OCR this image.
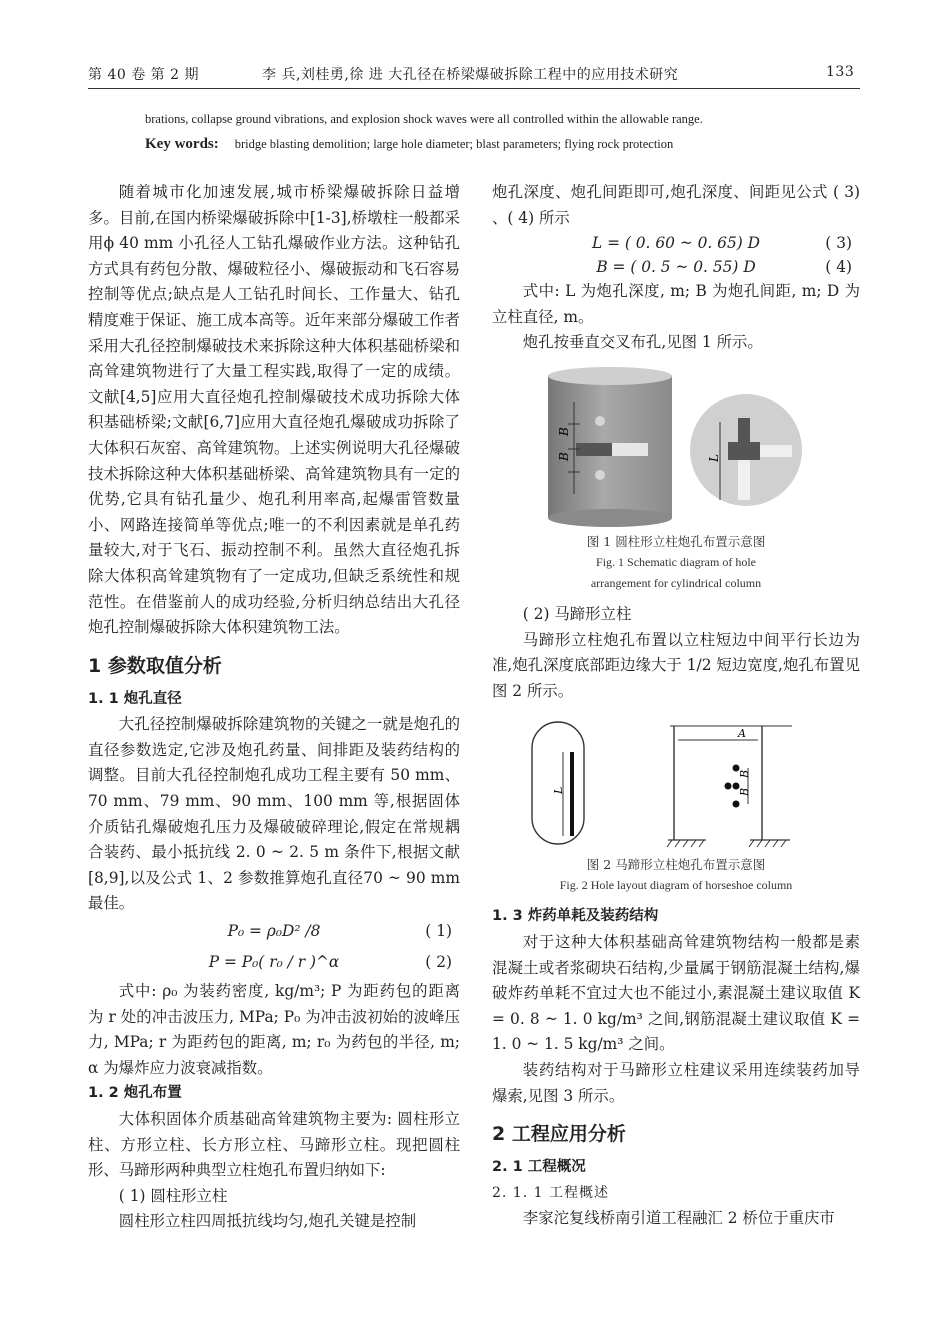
第 40 卷 第 2 期	李 兵,刘桂勇,徐 进 大孔径在桥梁爆破拆除工程中的应用技术研究	133
brations, collapse ground vibrations, and explosion shock waves were all controlled within the allowable range.
Key words: bridge blasting demolition; large hole diameter; blast parameters; flying rock protection

随着城市化加速发展,城市桥梁爆破拆除日益增多。目前,在国内桥梁爆破拆除中[1-3],桥墩柱一般都采用ϕ 40 mm 小孔径人工钻孔爆破作业方法。这种钻孔方式具有药包分散、爆破粒径小、爆破振动和飞石容易控制等优点;缺点是人工钻孔时间长、工作量大、钻孔精度难于保证、施工成本高等。近年来部分爆破工作者采用大孔径控制爆破技术来拆除这种大体积基础桥梁和高耸建筑物进行了大量工程实践,取得了一定的成绩。文献[4,5]应用大直径炮孔控制爆破技术成功拆除大体积基础桥梁;文献[6,7]应用大直径炮孔爆破成功拆除了大体积石灰窑、高耸建筑物。上述实例说明大孔径爆破技术拆除这种大体积基础桥梁、高耸建筑物具有一定的优势,它具有钻孔量少、炮孔利用率高,起爆雷管数量小、网路连接简单等优点;唯一的不利因素就是单孔药量较大,对于飞石、振动控制不利。虽然大直径炮孔拆除大体积高耸建筑物有了一定成功,但缺乏系统性和规范性。在借鉴前人的成功经验,分析归纳总结出大孔径炮孔控制爆破拆除大体积建筑物工法。

1 参数取值分析

1. 1 炮孔直径

大孔径控制爆破拆除建筑物的关键之一就是炮孔的直径参数选定,它涉及炮孔药量、间排距及装药结构的调整。目前大孔径控制炮孔成功工程主要有 50 mm、70 mm、79 mm、90 mm、100 mm 等,根据固体介质钻孔爆破炮孔压力及爆破破碎理论,假定在常规耦合装药、最小抵抗线 2. 0 ~ 2. 5 m 条件下,根据文献[8,9],以及公式 1、2 参数推算炮孔直径70 ~ 90 mm 最佳。

P₀ = ρ₀D² /8	( 1)
P = P₀( r₀ / r )^α	( 2)

式中: ρ₀ 为装药密度, kg/m³; P 为距药包的距离为 r 处的冲击波压力, MPa; P₀ 为冲击波初始的波峰压力, MPa; r 为距药包的距离, m; r₀ 为药包的半径, m; α 为爆炸应力波衰减指数。

1. 2 炮孔布置

大体积固体介质基础高耸建筑物主要为: 圆柱形立柱、方形立柱、长方形立柱、马蹄形立柱。现把圆柱形、马蹄形两种典型立柱炮孔布置归纳如下:

( 1) 圆柱形立柱

圆柱形立柱四周抵抗线均匀,炮孔关键是控制

炮孔深度、炮孔间距即可,炮孔深度、间距见公式 ( 3) 、( 4) 所示

L = ( 0. 60 ~ 0. 65) D	( 3)
B = ( 0. 5 ~ 0. 55) D	( 4)

式中: L 为炮孔深度, m; B 为炮孔间距, m; D 为立柱直径, m。

炮孔按垂直交叉布孔,见图 1 所示。

B
B	L

图 1 圆柱形立柱炮孔布置示意图

Fig. 1 Schematic diagram of hole

arrangement for cylindrical column

( 2) 马蹄形立柱

马蹄形立柱炮孔布置以立柱短边中间平行长边为准,炮孔深度底部距边缘大于 1/2 短边宽度,炮孔布置见图 2 所示。

L
A
B
B

图 2 马蹄形立柱炮孔布置示意图

Fig. 2 Hole layout diagram of horseshoe column

1. 3 炸药单耗及装药结构

对于这种大体积基础高耸建筑物结构一般都是素混凝土或者浆砌块石结构,少量属于钢筋混凝土结构,爆破炸药单耗不宜过大也不能过小,素混凝土建议取值 K = 0. 8 ~ 1. 0 kg/m³ 之间,钢筋混凝土建议取值 K = 1. 0 ~ 1. 5 kg/m³ 之间。

装药结构对于马蹄形立柱建议采用连续装药加导爆索,见图 3 所示。

2 工程应用分析

2. 1 工程概况

2. 1. 1 工程概述

李家沱复线桥南引道工程融汇 2 桥位于重庆市
